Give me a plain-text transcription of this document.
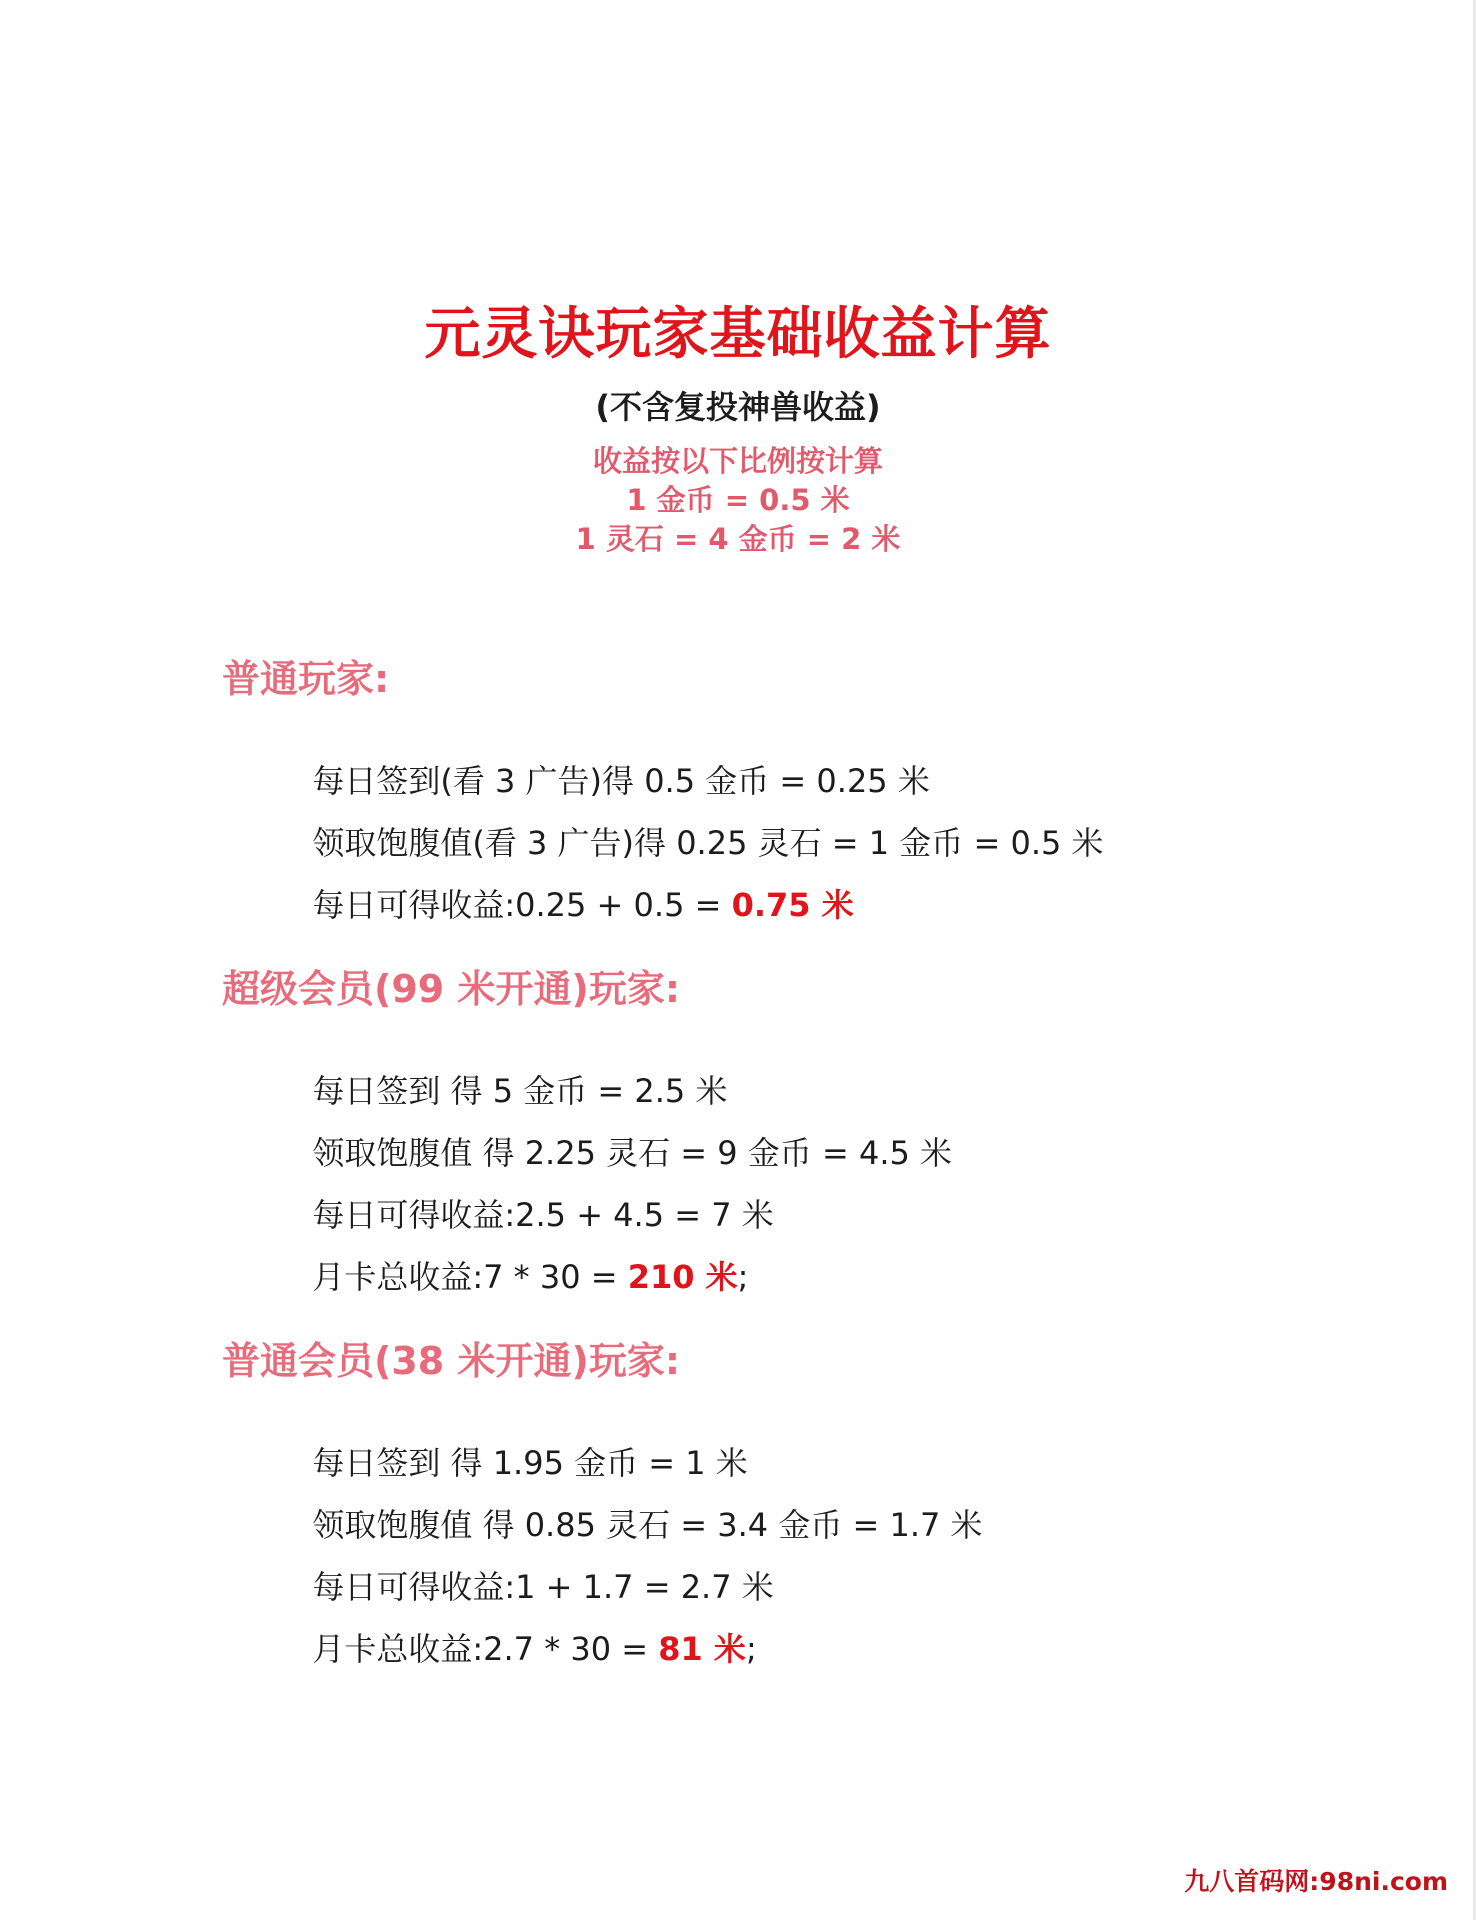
元灵诀玩家基础收益计算
(不含复投神兽收益)
收益按以下比例按计算
1 金币 = 0.5 米
1 灵石 = 4 金币 = 2 米
普通玩家:

每日签到(看 3 广告)得 0.5 金币 = 0.25 米

领取饱腹值(看 3 广告)得 0.25 灵石 = 1 金币 = 0.5 米

每日可得收益:0.25 + 0.5 = 0.75 米

超级会员(99 米开通)玩家:

每日签到 得 5 金币 = 2.5 米

领取饱腹值 得 2.25 灵石 = 9 金币 = 4.5 米

每日可得收益:2.5 + 4.5 = 7 米

月卡总收益:7 * 30 = 210 米;

普通会员(38 米开通)玩家:

每日签到 得 1.95 金币 = 1 米

领取饱腹值 得 0.85 灵石 = 3.4 金币 = 1.7 米

每日可得收益:1 + 1.7 = 2.7 米

月卡总收益:2.7 * 30 = 81 米;

九八首码网:98ni.com
